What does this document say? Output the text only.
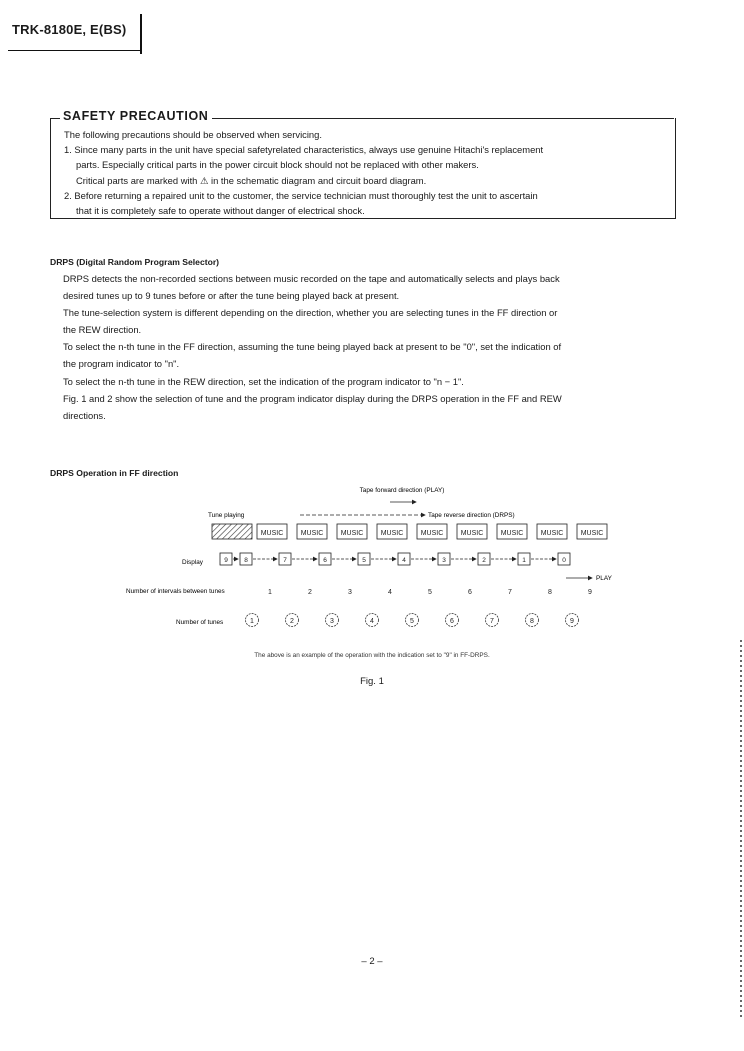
TRK-8180E, E(BS)
SAFETY PRECAUTION

The following precautions should be observed when servicing.

1. Since many parts in the unit have special safetyrelated characteristics, always use genuine Hitachi's replacement

parts. Especially critical parts in the power circuit block should not be replaced with other makers.

Critical parts are marked with ⚠ in the schematic diagram and circuit board diagram.

2. Before returning a repaired unit to the customer, the service technician must thoroughly test the unit to ascertain

that it is completely safe to operate without danger of electrical shock.

DRPS (Digital Random Program Selector)

DRPS detects the non-recorded sections between music recorded on the tape and automatically selects and plays back

desired tunes up to 9 tunes before or after the tune being played back at present.

The tune-selection system is different depending on the direction, whether you are selecting tunes in the FF direction or

the REW direction.

To select the n-th tune in the FF direction, assuming the tune being played back at present to be "0", set the indication of

the program indicator to "n".

To select the n-th tune in the REW direction, set the indication of the program indicator to "n − 1".

Fig. 1 and 2 show the selection of tune and the program indicator display during the DRPS operation in the FF and REW

directions.

DRPS Operation in FF direction
Tape forward direction (PLAY)
Tune playing	Tape reverse direction (DRPS)
MUSIC MUSIC MUSIC MUSIC MUSIC MUSIC MUSIC MUSIC MUSIC
Display	9	8	7	6	5	4	3	2	1	0
PLAY
Number of intervals between tunes	1	2	3	4	5	6	7	8	9
Number of tunes	1	2	3	4	5	6	7	8	9
The above is an example of the operation with the indication set to "9" in FF-DRPS.
Fig. 1
– 2 –
